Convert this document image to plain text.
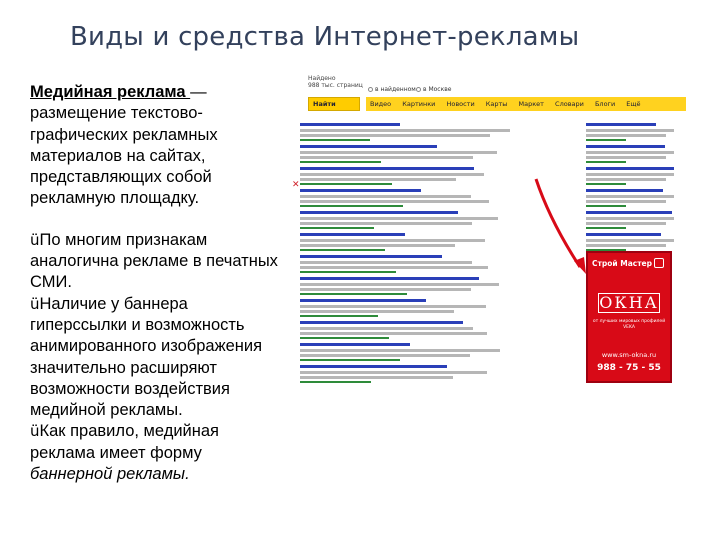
Виды и средства Интернет-рекламы

Медийная реклама — размещение текстово-графических рекламных материалов на сайтах, представляющих собой рекламную площадку.

üПо многим признакам аналогична рекламе в печатных СМИ.

üНаличие у баннера гиперссылки и возможность анимированного изображения значительно расширяют возможности воздействия медийной рекламы.

üКак правило, медийная реклама имеет форму баннерной рекламы.

Найдено
988 тыс. страниц
в найденном	в Москве
Найти	Видео Картинки Новости Карты Маркет Словари Блоги Ещё
✕
Строй Мастер
ОКНА
от лучших мировых профилей VEKA
www.sm-okna.ru
988 - 75 - 55
